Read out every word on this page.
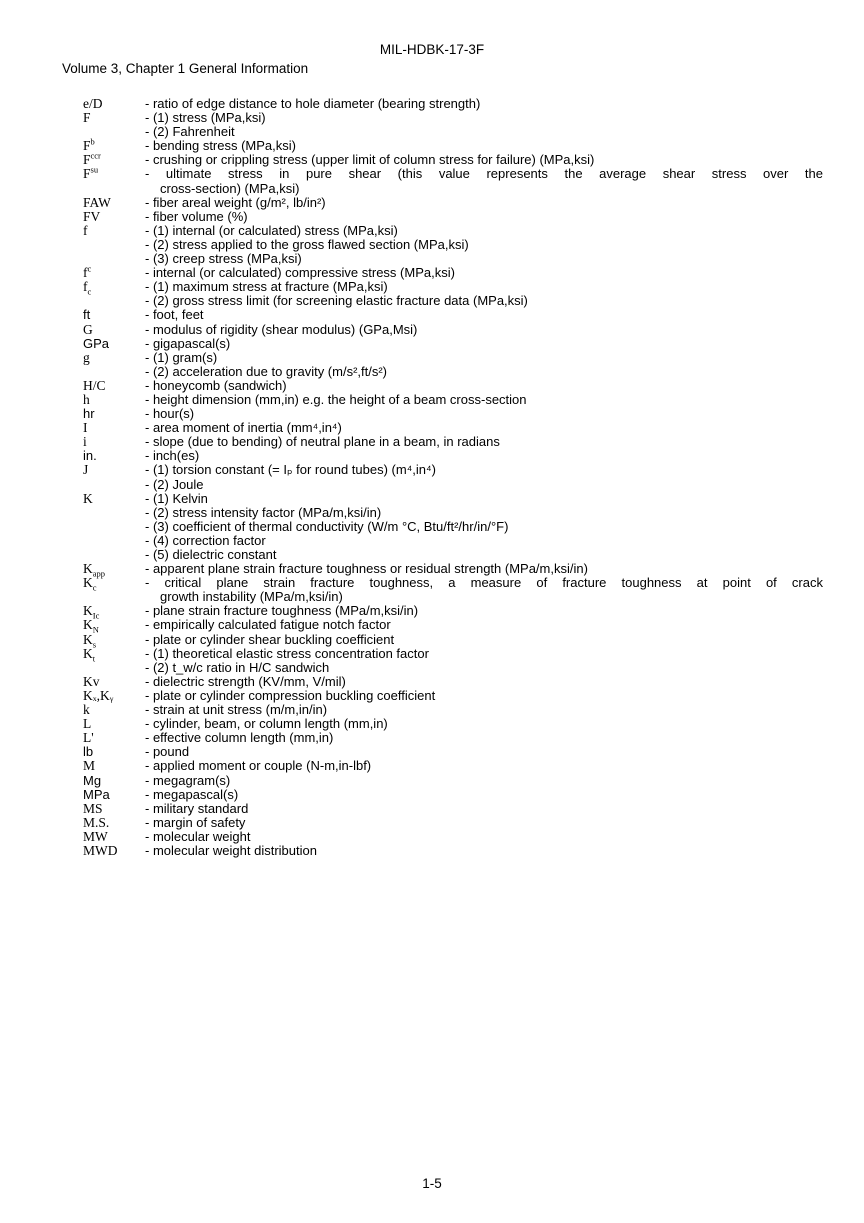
MIL-HDBK-17-3F
Volume 3, Chapter 1 General Information
e/D	- ratio of edge distance to hole diameter (bearing strength)
F	- (1) stress (MPa,ksi)
- (2) Fahrenheit
$F^b$	- bending stress (MPa,ksi)
$F^{ccr}$	- crushing or crippling stress (upper limit of column stress for failure) (MPa,ksi)
$F^{su}$	- ultimate stress in pure shear (this value represents the average shear stress over the
cross-section) (MPa,ksi)
FAW	- fiber areal weight (g/m², lb/in²)
FV	- fiber volume (%)
f	- (1) internal (or calculated) stress (MPa,ksi)
- (2) stress applied to the gross flawed section (MPa,ksi)
- (3) creep stress (MPa,ksi)
$f^c$	- internal (or calculated) compressive stress (MPa,ksi)
$f_c$	- (1) maximum stress at fracture (MPa,ksi)
- (2) gross stress limit (for screening elastic fracture data (MPa,ksi)
ft	- foot, feet
G	- modulus of rigidity (shear modulus) (GPa,Msi)
GPa	- gigapascal(s)
g	- (1) gram(s)
- (2) acceleration due to gravity (m/s²,ft/s²)
H/C	- honeycomb (sandwich)
h	- height dimension (mm,in) e.g. the height of a beam cross-section
hr	- hour(s)
I	- area moment of inertia (mm⁴,in⁴)
i	- slope (due to bending) of neutral plane in a beam, in radians
in.	- inch(es)
J	- (1) torsion constant (= Iₚ for round tubes) (m⁴,in⁴)
- (2) Joule
K	- (1) Kelvin
- (2) stress intensity factor (MPa/m,ksi/in)
- (3) coefficient of thermal conductivity (W/m °C, Btu/ft²/hr/in/°F)
- (4) correction factor
- (5) dielectric constant
$K_{app}$	- apparent plane strain fracture toughness or residual strength (MPa/m,ksi/in)
$K_c$	- critical plane strain fracture toughness, a measure of fracture toughness at point of crack
growth instability (MPa/m,ksi/in)
$K_{Ic}$	- plane strain fracture toughness (MPa/m,ksi/in)
$K_N$	- empirically calculated fatigue notch factor
$K_s$	- plate or cylinder shear buckling coefficient
$K_t$	- (1) theoretical elastic stress concentration factor
- (2) t_w/c ratio in H/C sandwich
Kv	- dielectric strength (KV/mm, V/mil)
Kₓ,Kᵧ	- plate or cylinder compression buckling coefficient
k	- strain at unit stress (m/m,in/in)
L	- cylinder, beam, or column length (mm,in)
L'	- effective column length (mm,in)
lb	- pound
M	- applied moment or couple (N-m,in-lbf)
Mg	- megagram(s)
MPa	- megapascal(s)
MS	- military standard
M.S.	- margin of safety
MW	- molecular weight
MWD	- molecular weight distribution
1-5
